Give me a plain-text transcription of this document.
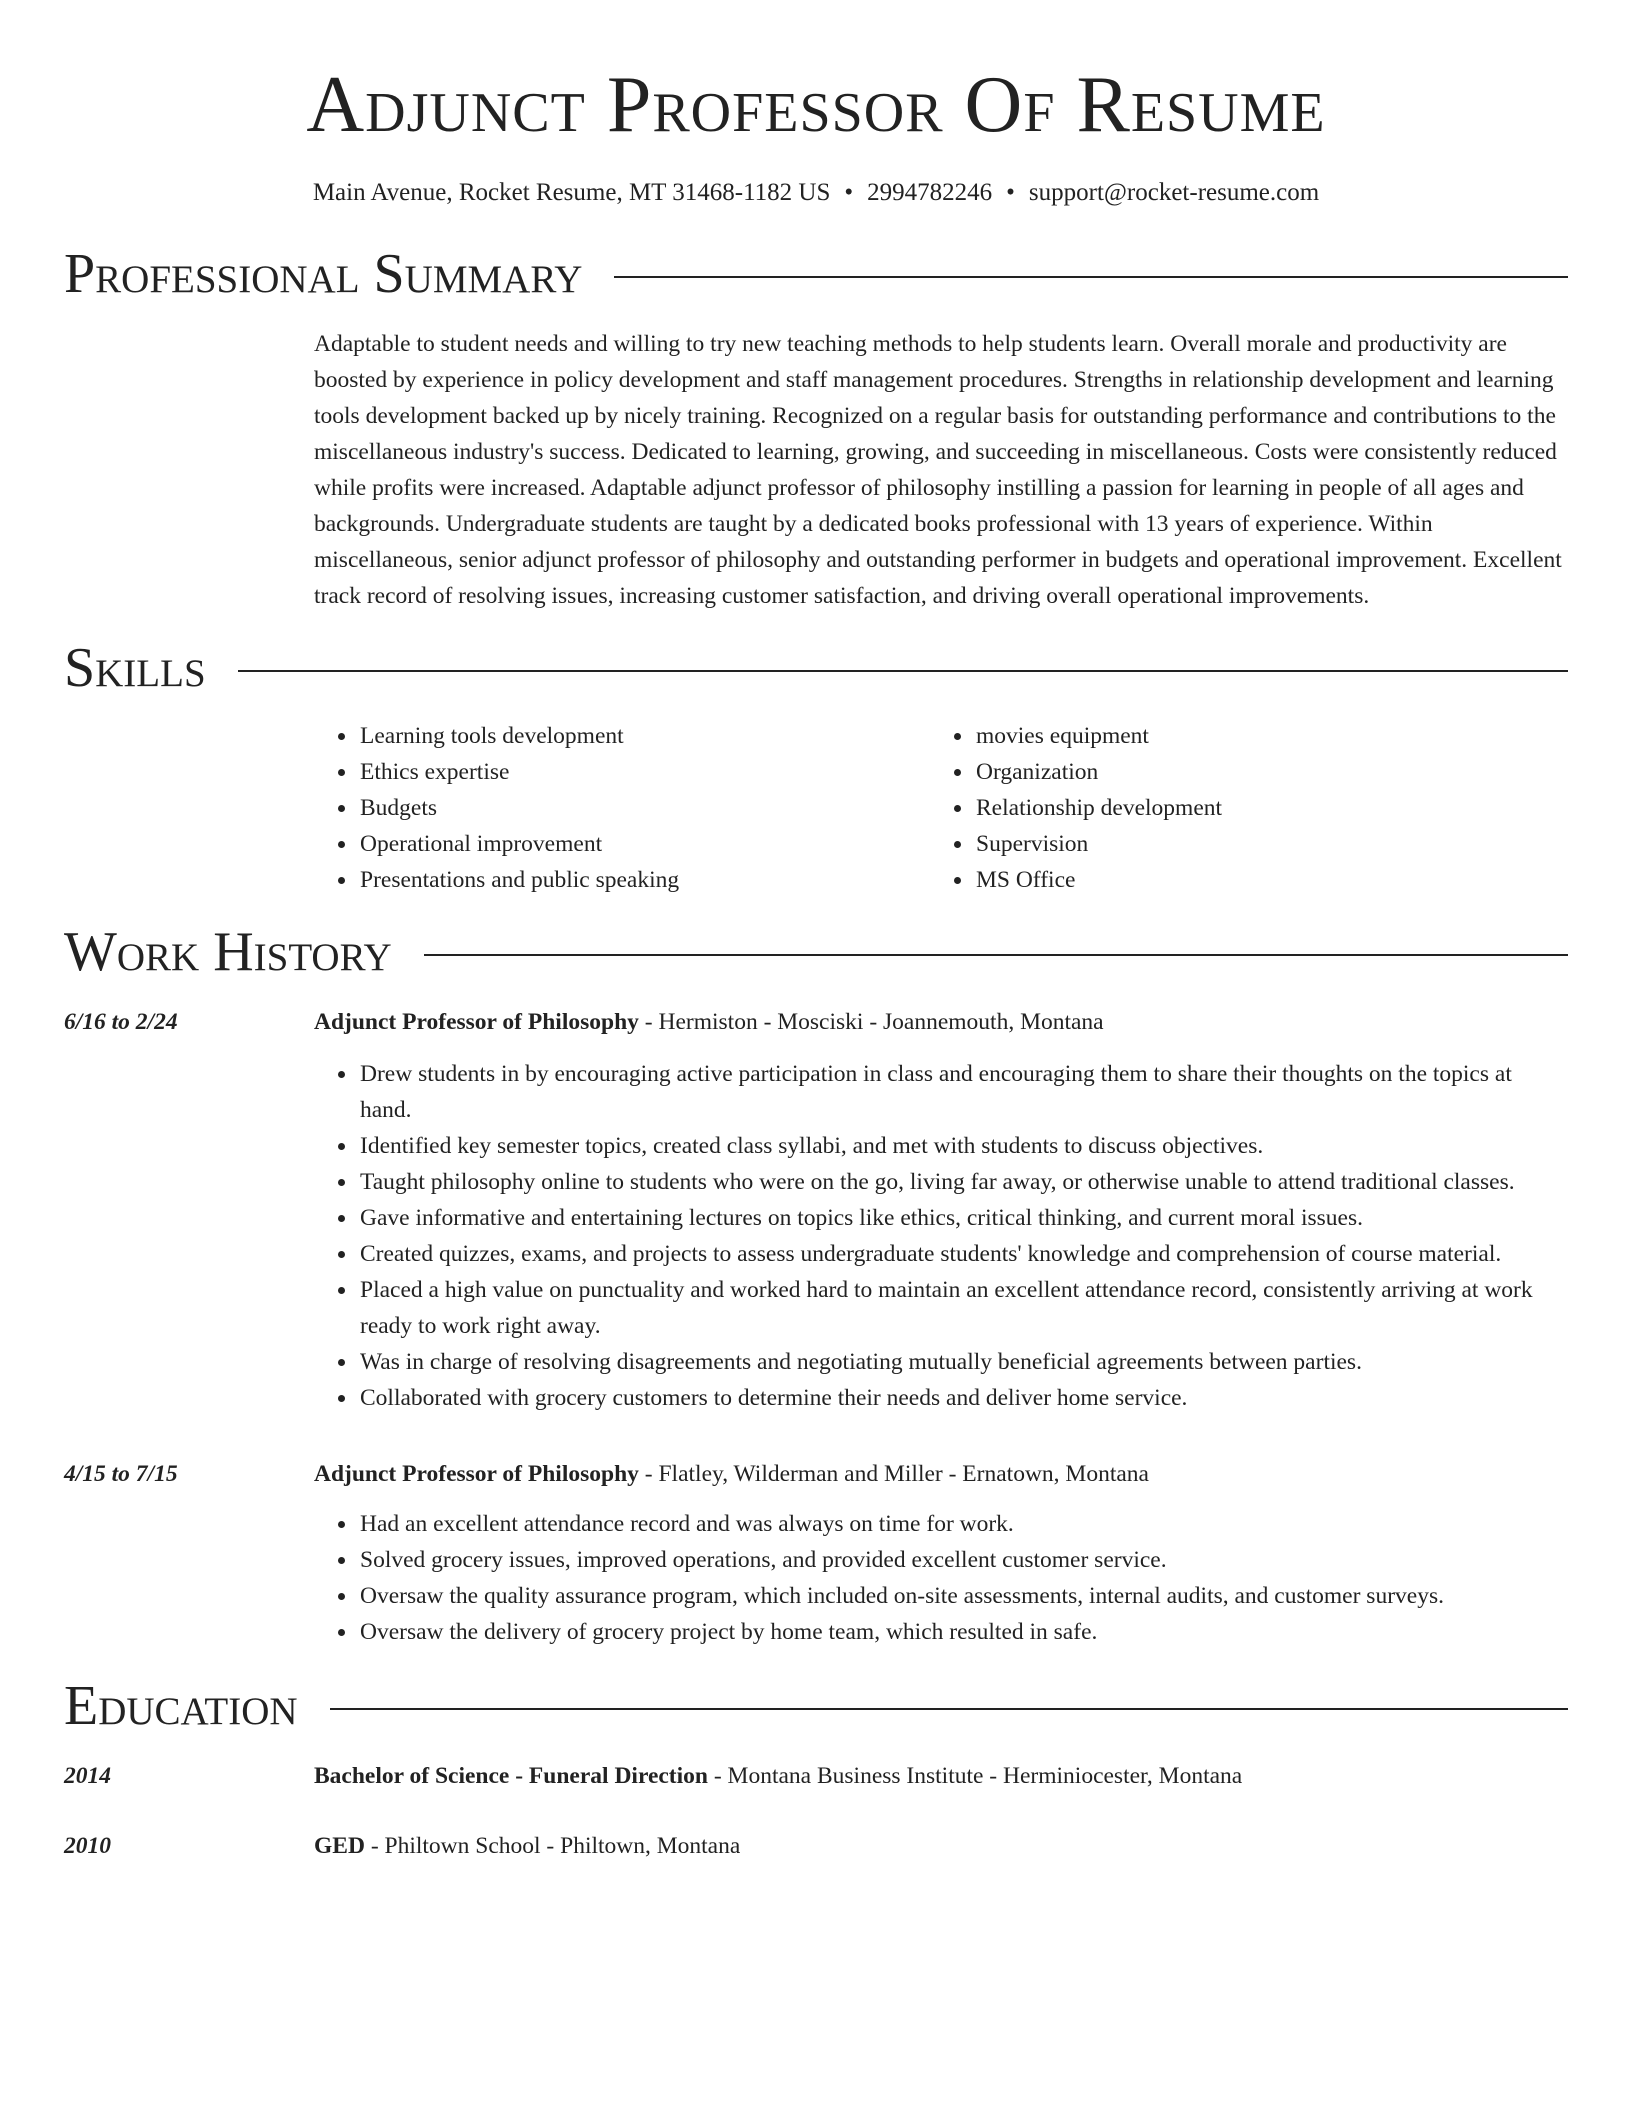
Adjunct Professor Of Resume
Main Avenue, Rocket Resume, MT 31468-1182 US • 2994782246 • support@rocket-resume.com
Professional Summary
Adaptable to student needs and willing to try new teaching methods to help students learn. Overall morale and productivity are boosted by experience in policy development and staff management procedures. Strengths in relationship development and learning tools development backed up by nicely training. Recognized on a regular basis for outstanding performance and contributions to the miscellaneous industry's success. Dedicated to learning, growing, and succeeding in miscellaneous. Costs were consistently reduced while profits were increased. Adaptable adjunct professor of philosophy instilling a passion for learning in people of all ages and backgrounds. Undergraduate students are taught by a dedicated books professional with 13 years of experience. Within miscellaneous, senior adjunct professor of philosophy and outstanding performer in budgets and operational improvement. Excellent track record of resolving issues, increasing customer satisfaction, and driving overall operational improvements.
Skills
• Learning tools development
• Ethics expertise
• Budgets
• Operational improvement
• Presentations and public speaking
• movies equipment
• Organization
• Relationship development
• Supervision
• MS Office
Work History
6/16 to 2/24	Adjunct Professor of Philosophy - Hermiston - Mosciski - Joannemouth, Montana
• Drew students in by encouraging active participation in class and encouraging them to share their thoughts on the topics at hand.
• Identified key semester topics, created class syllabi, and met with students to discuss objectives.
• Taught philosophy online to students who were on the go, living far away, or otherwise unable to attend traditional classes.
• Gave informative and entertaining lectures on topics like ethics, critical thinking, and current moral issues.
• Created quizzes, exams, and projects to assess undergraduate students' knowledge and comprehension of course material.
• Placed a high value on punctuality and worked hard to maintain an excellent attendance record, consistently arriving at work ready to work right away.
• Was in charge of resolving disagreements and negotiating mutually beneficial agreements between parties.
• Collaborated with grocery customers to determine their needs and deliver home service.
4/15 to 7/15	Adjunct Professor of Philosophy - Flatley, Wilderman and Miller - Ernatown, Montana
• Had an excellent attendance record and was always on time for work.
• Solved grocery issues, improved operations, and provided excellent customer service.
• Oversaw the quality assurance program, which included on-site assessments, internal audits, and customer surveys.
• Oversaw the delivery of grocery project by home team, which resulted in safe.
Education
2014	Bachelor of Science - Funeral Direction - Montana Business Institute - Herminiocester, Montana
2010	GED - Philtown School - Philtown, Montana
